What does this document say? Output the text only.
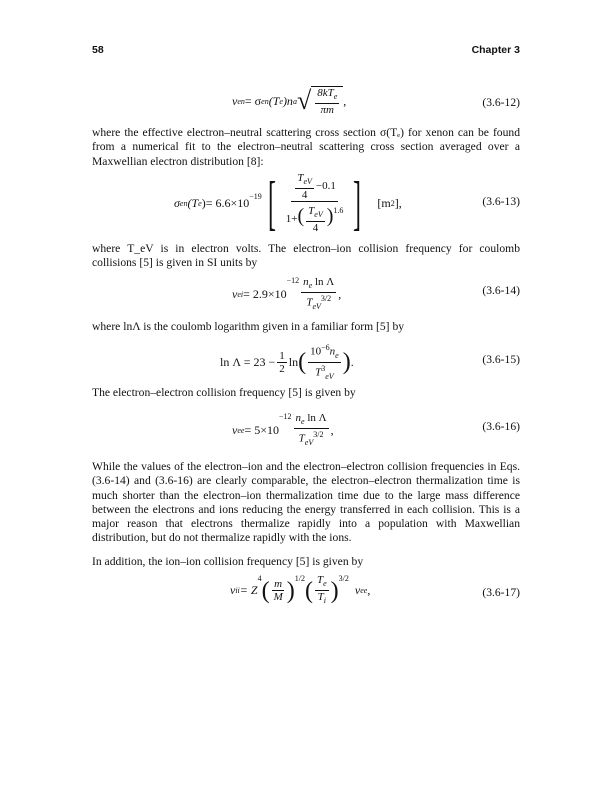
58	Chapter 3
ν en = σ en (T e )n a √ $\frac{8kT_e}{\pi m}$ ,	(3.6-12)
where the effective electron–neutral scattering cross section σ(Tₑ) for xenon can be found from a numerical fit to the electron–neutral scattering cross section averaged over a Maxwellian electron distribution [8]:
σ en (T e ) = $6.6\times 10^{-19}$ [ $\frac{\frac{T_{eV}}{4} -0.1}{1+( \frac{T_{eV}}{4} )^{1.6}}$ ] [m 2 ],	(3.6-13)
where T_eV is in electron volts. The electron–ion collision frequency for coulomb collisions [5] is given in SI units by
ν ei = 2.9×10
$-12 \frac{n_e \ln \Lambda}{T_{eV}^{3/2}}$ ,	(3.6-14)
where lnΛ is the coulomb logarithm given in a familiar form [5] by
$\ln \Lambda = 23 - \frac{1}{2}$ ln ( $\frac{10^{-6}n_e}{T^3_{eV}}$ ) .	(3.6-15)
The electron–electron collision frequency [5] is given by
ν ee = 5×10
$-12 \frac{n_e \ln \Lambda}{T_{eV}^{3/2}}$ ,	(3.6-16)
While the values of the electron–ion and the electron–electron collision frequencies in Eqs. (3.6-14) and (3.6-16) are clearly comparable, the electron–electron thermalization time is much shorter than the electron–ion thermalization time due to the large mass difference between the electrons and ions reducing the energy transferred in each collision. This is a major reason that electrons thermalize rapidly into a population with Maxwellian distribution, but do not thermalize rapidly with the ions.
In addition, the ion–ion collision frequency [5] is given by
ν ii = Z
4 ( $\frac{m}{M} )^{1/2}$ ( $\frac{T_e}{T_i} )^{3/2}$
ν ee ,	(3.6-17)
